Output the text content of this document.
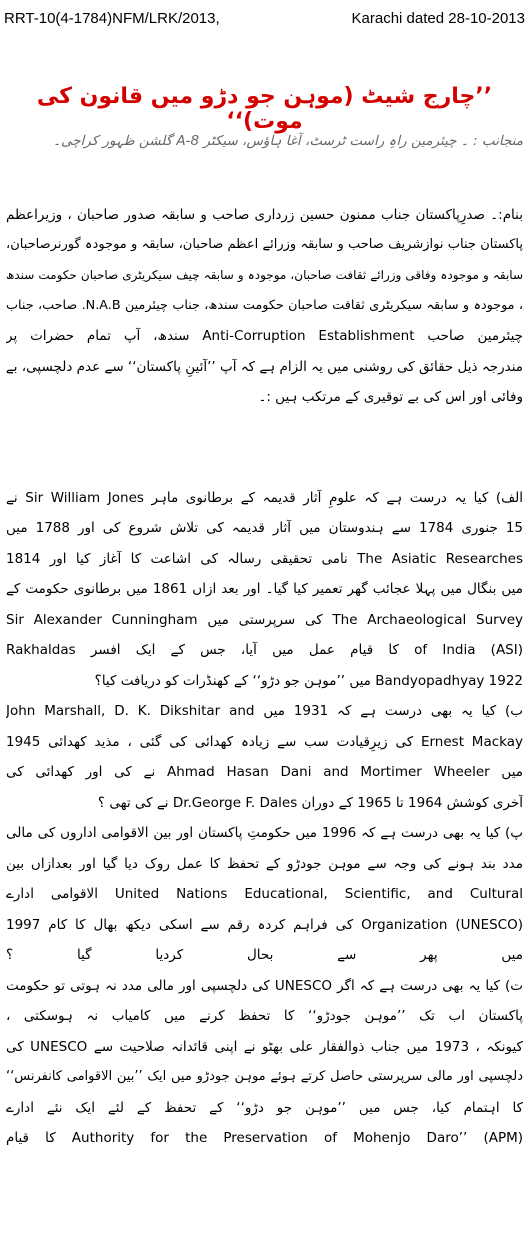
RRT-10(4-1784)NFM/LRK/2013,	Karachi dated 28-10-2013
’’چارج شیٹ (موہن جو دڑو میں قانون کی موت)‘‘
منجانب : ۔ چیئرمین راہِ راست ٹرسٹ، آغا ہاؤس، سیکٹر 8-A گلشن ظہور کراچی۔
بنام:۔ صدرِپاکستان جناب ممنون حسین زرداری صاحب و سابقہ صدور صاحبان ، وزیراعظم
پاکستان جناب نوازشریف صاحب و سابقہ وزرائے اعظم صاحبان، سابقہ و موجودہ گورنرصاحبان،
سابقہ و موجودہ وفاقی وزرائے ثقافت صاحبان، موجودہ و سابقہ چیف سیکریٹری صاحبان حکومت سندھ
، موجودہ و سابقہ سیکریٹری ثقافت صاحبان حکومت سندھ، جناب چیئرمین N.A.B. صاحب، جناب
چیئرمین صاحب Anti-Corruption Establishment سندھ، آپ تمام حضرات پر
مندرجہ ذیل حقائق کی روشنی میں یہ الزام ہے کہ آپ ’’آئینِ پاکستان‘‘ سے عدم دلچسپی، بے
وفائی اور اس کی بے توقیری کے مرتکب ہیں :۔
الف) کیا یہ درست ہے کہ علومِ آثار قدیمہ کے برطانوی ماہر Sir William Jones نے
15 جنوری 1784 سے ہندوستان میں آثار قدیمہ کی تلاش شروع کی اور 1788 میں
The Asiatic Researches نامی تحقیقی رسالہ کی اشاعت کا آغاز کیا اور 1814
میں بنگال میں پہلا عجائب گھر تعمیر کیا گیا۔ اور بعد ازاں 1861 میں برطانوی حکومت کے
The Archaeological Survey کی سرپرستی میں Sir Alexander Cunningham
of India (ASI) کا قیام عمل میں آیا، جس کے ایک افسر Rakhaldas
1922 Bandyopadhyay میں ’’موہن جو دڑو‘‘ کے کھنڈرات کو دریافت کیا؟
ب) کیا یہ بھی درست ہے کہ 1931 میں John Marshall, D. K. Dikshitar and
Ernest Mackay کی زیرِقیادت سب سے زیادہ کھدائی کی گئی ، مذید کھدائی 1945
میں Ahmad Hasan Dani and Mortimer Wheeler نے کی اور کھدائی کی
آخری کوشش 1964 تا 1965 کے دوران Dr.George F. Dales نے کی تھی ؟
پ) کیا یہ بھی درست ہے کہ 1996 میں حکومتِ پاکستان اور بین الاقوامی اداروں کی مالی
مدد بند ہونے کی وجہ سے موہن جودڑو کے تحفظ کا عمل روک دیا گیا اور بعدازاں بین
United Nations Educational, Scientific, and Cultural الاقوامی ادارے
Organization (UNESCO) کی فراہم کردہ رقم سے اسکی دیکھ بھال کا کام 1997
میں پھر سے بحال کردیا گیا ؟
ت) کیا یہ بھی درست ہے کہ اگر UNESCO کی دلچسپی اور مالی مدد نہ ہوتی تو حکومت
پاکستان اب تک ’’موہن جودڑو‘‘ کا تحفظ کرنے میں کامیاب نہ ہوسکتی ،
کیونکہ ، 1973 میں جناب ذوالفقار علی بھٹو نے اپنی قائدانہ صلاحیت سے UNESCO کی
دلچسپی اور مالی سرپرستی حاصل کرتے ہوئے موہن جودڑو میں ایک ’’بین الاقوامی کانفرنس‘‘
کا اہتمام کیا، جس میں ’’موہن جو دڑو‘‘ کے تحفظ کے لئے ایک نئے ادارے
Authority for the Preservation of Mohenjo Daro’’ (APM) کا قیام
